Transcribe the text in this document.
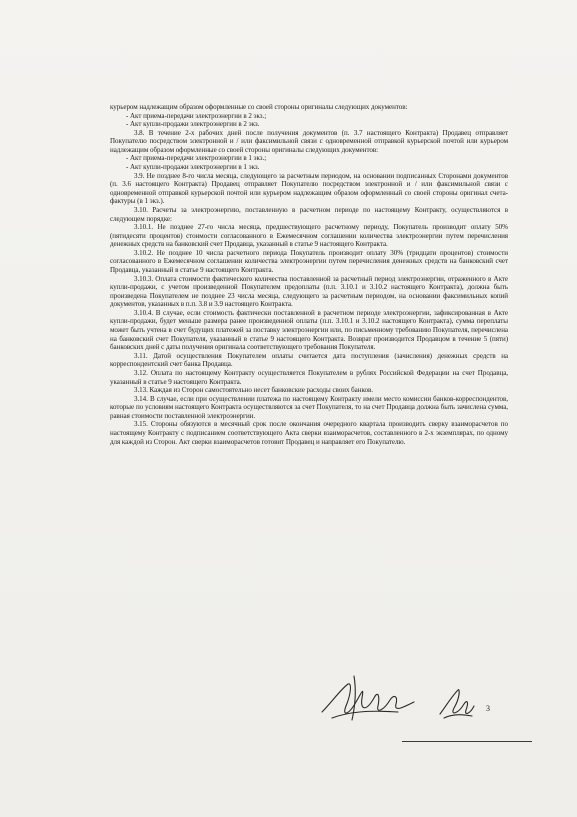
курьером надлежащим образом оформленные со своей стороны оригиналы следующих документов:

- Акт приема-передачи электроэнергии в 2 экз.;

- Акт купли-продажи электроэнергии в 2 экз.

3.8. В течение 2-х рабочих дней после получения документов (п. 3.7 настоящего Контракта) Продавец отправляет Покупателю посредством электронной и / или факсимильной связи с одновременной отправкой курьерской почтой или курьером надлежащим образом оформленные со своей стороны оригиналы следующих документов:

- Акт приема-передачи электроэнергии в 1 экз.;

- Акт купли-продажи электроэнергии в 1 экз.

3.9. Не позднее 8-го числа месяца, следующего за расчетным периодом, на основании подписанных Сторонами документов (п. 3.6 настоящего Контракта) Продавец отправляет Покупателю посредством электронной и / или факсимильной связи с одновременной отправкой курьерской почтой или курьером надлежащим образом оформленный со своей стороны оригинал счета-фактуры (в 1 экз.).

3.10. Расчеты за электроэнергию, поставленную в расчетном периоде по настоящему Контракту, осуществляются в следующем порядке:

3.10.1. Не позднее 27-го числа месяца, предшествующего расчетному периоду, Покупатель производит оплату 50% (пятидесяти процентов) стоимости согласованного в Ежемесячном соглашении количества электроэнергии путем перечисления денежных средств на банковский счет Продавца, указанный в статье 9 настоящего Контракта.

3.10.2. Не позднее 10 числа расчетного периода Покупатель производит оплату 30% (тридцати процентов) стоимости согласованного в Ежемесячном соглашении количества электроэнергии путем перечисления денежных средств на банковский счет Продавца, указанный в статье 9 настоящего Контракта.

3.10.3. Оплата стоимости фактического количества поставленной за расчетный период электроэнергии, отраженного в Акте купли-продажи, с учетом произведенной Покупателем предоплаты (п.п. 3.10.1 и 3.10.2 настоящего Контракта), должна быть произведена Покупателем не позднее 23 числа месяца, следующего за расчетным периодом, на основании факсимильных копий документов, указанных в п.п. 3.8 и 3.9 настоящего Контракта.

3.10.4. В случае, если стоимость фактически поставленной в расчетном периоде электроэнергии, зафиксированная в Акте купли-продажи, будет меньше размера ранее произведенной оплаты (п.п. 3.10.1 и 3.10.2 настоящего Контракта), сумма переплаты может быть учтена в счет будущих платежей за поставку электроэнергии или, по письменному требованию Покупателя, перечислена на банковский счет Покупателя, указанный в статье 9 настоящего Контракта. Возврат производится Продавцом в течение 5 (пяти) банковских дней с даты получения оригинала соответствующего требования Покупателя.

3.11. Датой осуществления Покупателем оплаты считается дата поступления (зачисления) денежных средств на корреспондентский счет банка Продавца.

3.12. Оплата по настоящему Контракту осуществляется Покупателем в рублях Российской Федерации на счет Продавца, указанный в статье 9 настоящего Контракта.

3.13. Каждая из Сторон самостоятельно несет банковские расходы своих банков.

3.14. В случае, если при осуществлении платежа по настоящему Контракту имели место комиссии банков-корреспондентов, которые по условиям настоящего Контракта осуществляются за счет Покупателя, то на счет Продавца должна быть зачислена сумма, равная стоимости поставленной электроэнергии.

3.15. Стороны обязуются в месячный срок после окончания очередного квартала производить сверку взаиморасчетов по настоящему Контракту с подписанием соответствующего Акта сверки взаиморасчетов, составленного в 2-х экземплярах, по одному для каждой из Сторон. Акт сверки взаиморасчетов готовит Продавец и направляет его Покупателю.

3
